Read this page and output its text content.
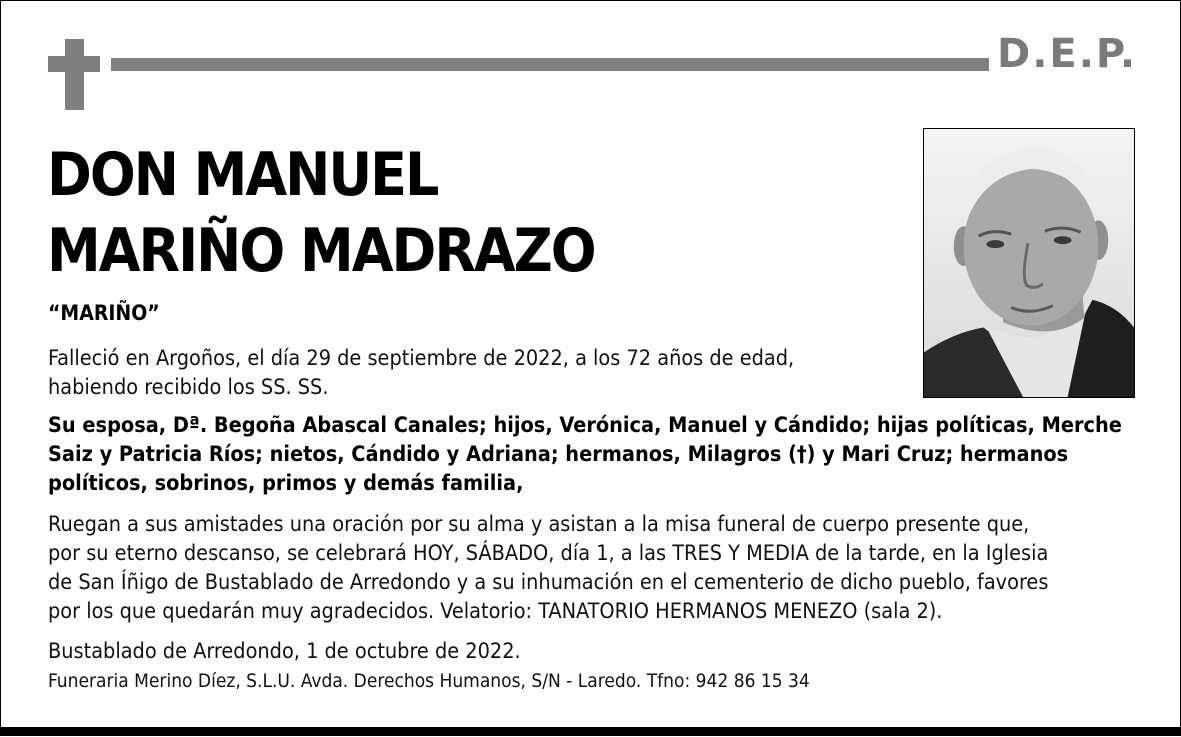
D.E.P.
DON MANUEL
MARIÑO MADRAZO
“MARIÑO”

Falleció en Argoños, el día 29 de septiembre de 2022, a los 72 años de edad,
habiendo recibido los SS. SS.

Su esposa, Dª. Begoña Abascal Canales; hijos, Verónica, Manuel y Cándido; hijas políticas, Merche
Saiz y Patricia Ríos; nietos, Cándido y Adriana; hermanos, Milagros (†) y Mari Cruz; hermanos
políticos, sobrinos, primos y demás familia,

Ruegan a sus amistades una oración por su alma y asistan a la misa funeral de cuerpo presente que,
por su eterno descanso, se celebrará HOY, SÁBADO, día 1, a las TRES Y MEDIA de la tarde, en la Iglesia
de San Íñigo de Bustablado de Arredondo y a su inhumación en el cementerio de dicho pueblo, favores
por los que quedarán muy agradecidos. Velatorio: TANATORIO HERMANOS MENEZO (sala 2).

Bustablado de Arredondo, 1 de octubre de 2022.

Funeraria Merino Díez, S.L.U. Avda. Derechos Humanos, S/N - Laredo. Tfno: 942 86 15 34
